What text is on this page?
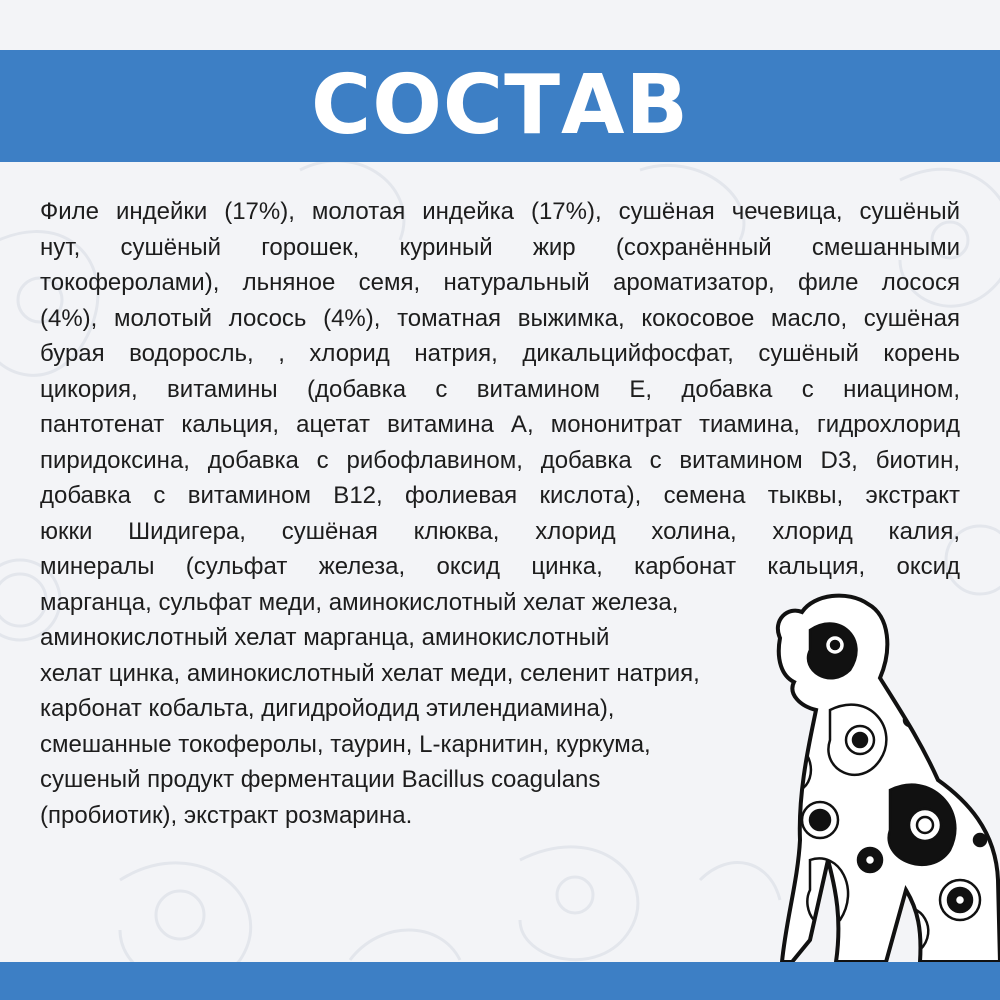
СОСТАВ
Филе индейки (17%), молотая индейка (17%), сушёная чечевица, сушёный
нут, сушёный горошек, куриный жир (сохранённый смешанными
токоферолами), льняное семя, натуральный ароматизатор, филе лосося
(4%), молотый лосось (4%), томатная выжимка, кокосовое масло, сушёная
бурая водоросль, , хлорид натрия, дикальцийфосфат, сушёный корень
цикория, витамины (добавка с витамином Е, добавка с ниацином,
пантотенат кальция, ацетат витамина А, мононитрат тиамина, гидрохлорид
пиридоксина, добавка с рибофлавином, добавка с витамином D3, биотин,
добавка с витамином B12, фолиевая кислота), семена тыквы, экстракт
юкки Шидигера, сушёная клюква, хлорид холина, хлорид калия,
минералы (сульфат железа, оксид цинка, карбонат кальция, оксид
марганца, сульфат меди, аминокислотный хелат железа,
аминокислотный хелат марганца, аминокислотный
хелат цинка, аминокислотный хелат меди, селенит натрия,
карбонат кобальта, дигидройодид этилендиамина),
смешанные токоферолы, таурин, L-карнитин, куркума,
сушеный продукт ферментации Bacillus coagulans
(пробиотик), экстракт розмарина.
